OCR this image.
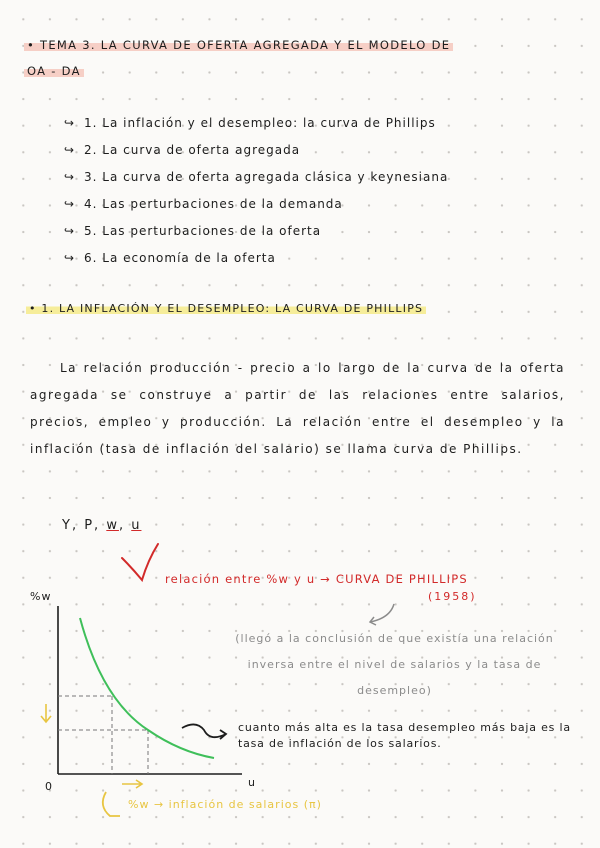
• TEMA 3. LA CURVA DE OFERTA AGREGADA Y EL MODELO DE
OA - DA
↪ 1. La inflación y el desempleo: la curva de Phillips
↪ 2. La curva de oferta agregada
↪ 3. La curva de oferta agregada clásica y keynesiana
↪ 4. Las perturbaciones de la demanda
↪ 5. Las perturbaciones de la oferta
↪ 6. La economía de la oferta
• 1. LA INFLACIÓN Y EL DESEMPLEO: LA CURVA DE PHILLIPS
La relación producción - precio a lo largo de la curva de la oferta agregada se construye a partir de las relaciones entre salarios, precios, empleo y producción. La relación entre el desempleo y la inflación (tasa de inflación del salario) se llama curva de Phillips.
Y, P, w, u
relación entre %w y u → CURVA DE PHILLIPS
(1958)
(llegó a la conclusión de que existía una relación inversa entre el nivel de salarios y la tasa de desempleo)
%w
u
0
cuanto más alta es la tasa desempleo más baja es la tasa de inflación de los salarios.
%w → inflación de salarios (π)
